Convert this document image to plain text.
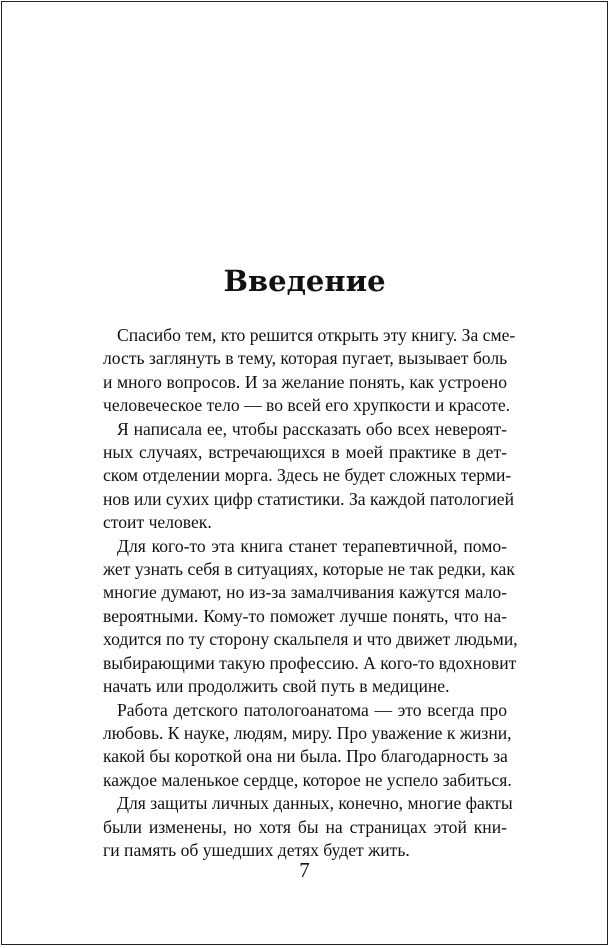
Введение

Спасибо тем, кто решится открыть эту книгу. За сме-
лость заглянуть в тему, которая пугает, вызывает боль
и много вопросов. И за желание понять, как устроено
человеческое тело — во всей его хрупкости и красоте.

Я написала ее, чтобы рассказать обо всех невероят-
ных случаях, встречающихся в моей практике в дет-
ском отделении морга. Здесь не будет сложных терми-
нов или сухих цифр статистики. За каждой патологией
стоит человек.

Для кого-то эта книга станет терапевтичной, помо-
жет узнать себя в ситуациях, которые не так редки, как
многие думают, но из-за замалчивания кажутся мало-
вероятными. Кому-то поможет лучше понять, что на-
ходится по ту сторону скальпеля и что движет людьми,
выбирающими такую профессию. А кого-то вдохновит
начать или продолжить свой путь в медицине.

Работа детского патологоанатома — это всегда про
любовь. К науке, людям, миру. Про уважение к жизни,
какой бы короткой она ни была. Про благодарность за
каждое маленькое сердце, которое не успело забиться.

Для защиты личных данных, конечно, многие факты
были изменены, но хотя бы на страницах этой кни-
ги память об ушедших детях будет жить.

7
